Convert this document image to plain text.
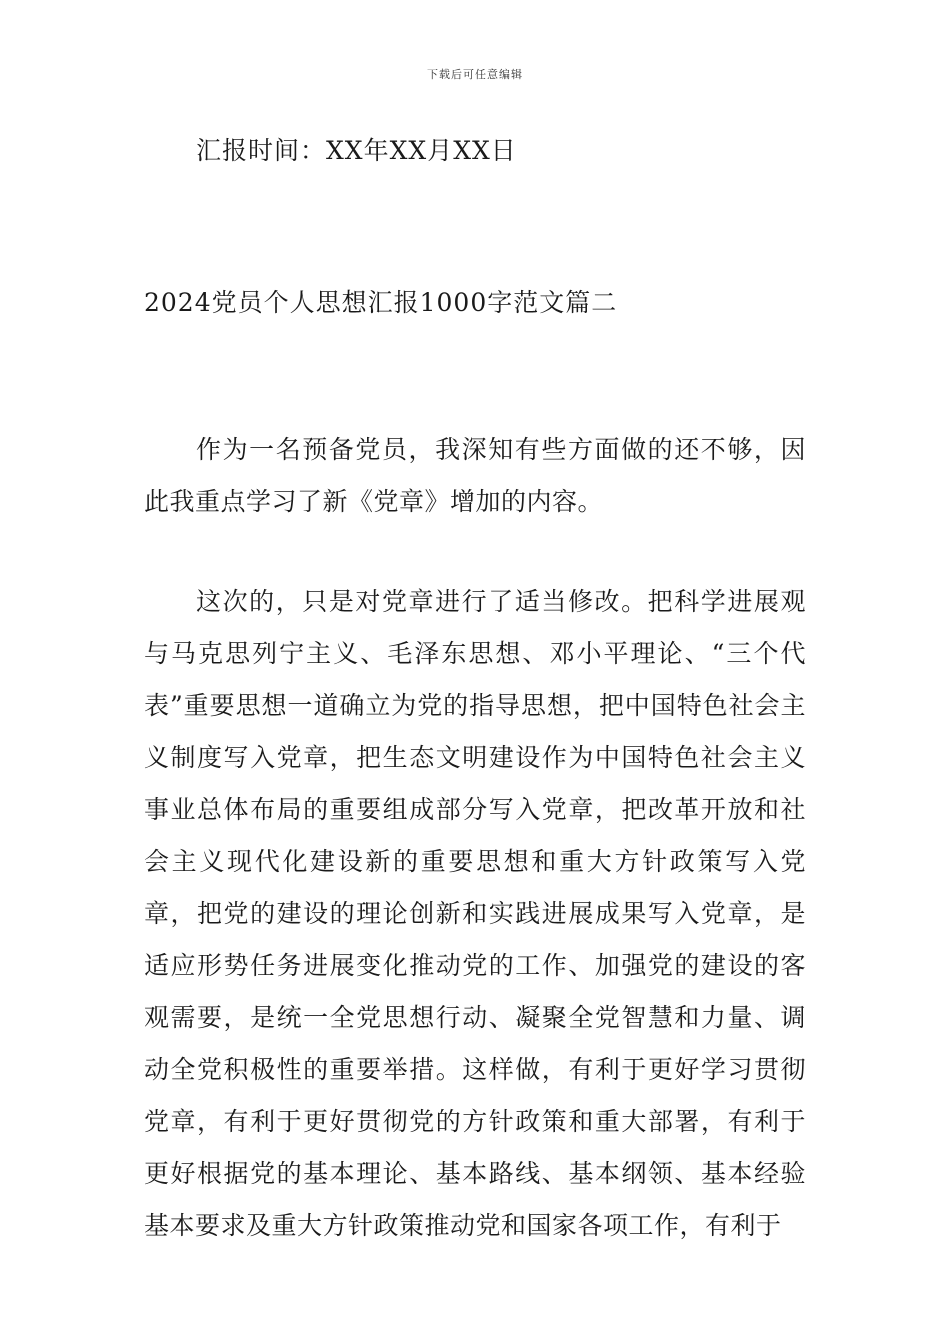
下载后可任意编辑
汇报时间：XX年XX月XX日
2024党员个人思想汇报1000字范文篇二

作为一名预备党员，我深知有些方面做的还不够，因此我重点学习了新《党章》增加的内容。

这次的，只是对党章进行了适当修改。把科学进展观与马克思列宁主义、毛泽东思想、邓小平理论、“三个代表”重要思想一道确立为党的指导思想，把中国特色社会主义制度写入党章，把生态文明建设作为中国特色社会主义事业总体布局的重要组成部分写入党章，把改革开放和社会主义现代化建设新的重要思想和重大方针政策写入党章，把党的建设的理论创新和实践进展成果写入党章，是适应形势任务进展变化推动党的工作、加强党的建设的客观需要，是统一全党思想行动、凝聚全党智慧和力量、调动全党积极性的重要举措。这样做，有利于更好学习贯彻党章，有利于更好贯彻党的方针政策和重大部署，有利于更好根据党的基本理论、基本路线、基本纲领、基本经验基本要求及重大方针政策推动党和国家各项工作，有利于
